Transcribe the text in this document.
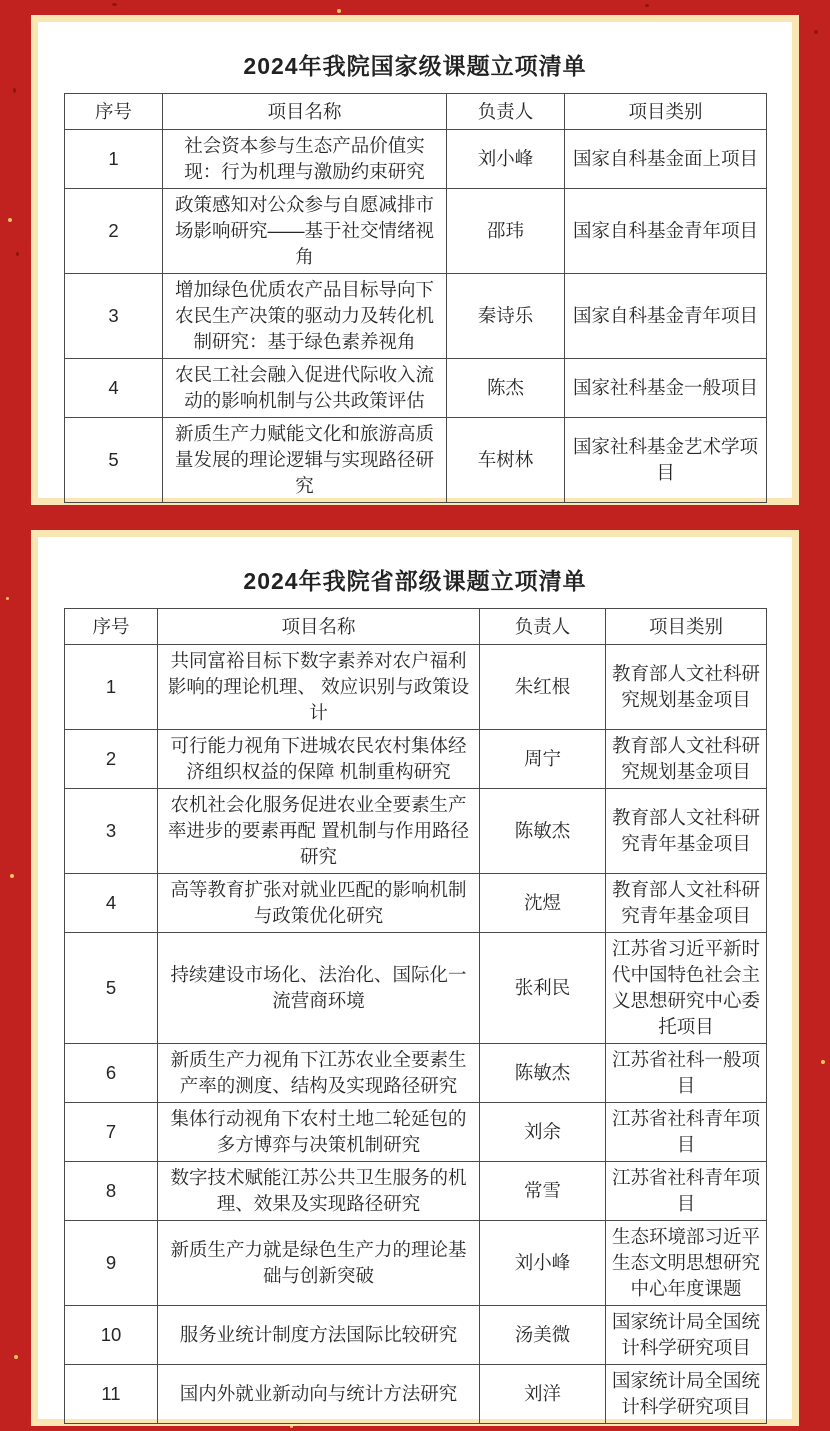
2024年我院国家级课题立项清单
序号	项目名称	负责人	项目类别
1	社会资本参与生态产品价值实现：行为机理与激励约束研究	刘小峰	国家自科基金面上项目
2	政策感知对公众参与自愿减排市场影响研究——基于社交情绪视角	邵玮	国家自科基金青年项目
3	增加绿色优质农产品目标导向下农民生产决策的驱动力及转化机制研究：基于绿色素养视角	秦诗乐	国家自科基金青年项目
4	农民工社会融入促进代际收入流动的影响机制与公共政策评估	陈杰	国家社科基金一般项目
5	新质生产力赋能文化和旅游高质量发展的理论逻辑与实现路径研究	车树林	国家社科基金艺术学项目
2024年我院省部级课题立项清单
序号	项目名称	负责人	项目类别
1	共同富裕目标下数字素养对农户福利影响的理论机理、 效应识别与政策设计	朱红根	教育部人文社科研究规划基金项目
2	可行能力视角下进城农民农村集体经济组织权益的保障 机制重构研究	周宁	教育部人文社科研究规划基金项目
3	农机社会化服务促进农业全要素生产率进步的要素再配 置机制与作用路径研究	陈敏杰	教育部人文社科研究青年基金项目
4	高等教育扩张对就业匹配的影响机制与政策优化研究	沈煜	教育部人文社科研究青年基金项目
5	持续建设市场化、法治化、国际化一流营商环境	张利民	江苏省习近平新时代中国特色社会主义思想研究中心委托项目
6	新质生产力视角下江苏农业全要素生产率的测度、结构及实现路径研究	陈敏杰	江苏省社科一般项目
7	集体行动视角下农村土地二轮延包的多方博弈与决策机制研究	刘余	江苏省社科青年项目
8	数字技术赋能江苏公共卫生服务的机理、效果及实现路径研究	常雪	江苏省社科青年项目
9	新质生产力就是绿色生产力的理论基础与创新突破	刘小峰	生态环境部习近平生态文明思想研究中心年度课题
10	服务业统计制度方法国际比较研究	汤美微	国家统计局全国统计科学研究项目
11	国内外就业新动向与统计方法研究	刘洋	国家统计局全国统计科学研究项目
